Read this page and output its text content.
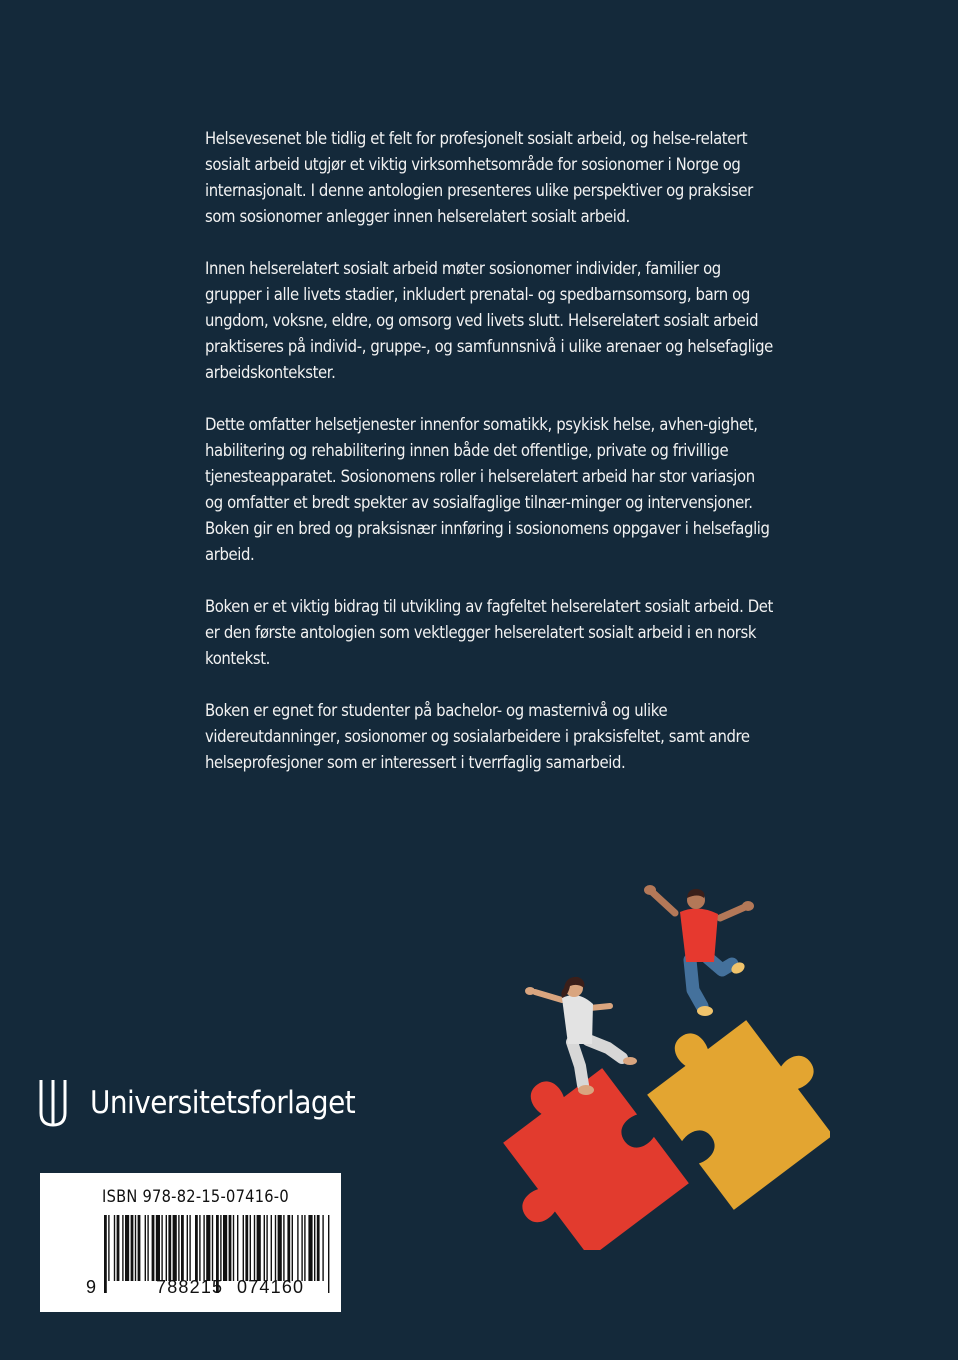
Helsevesenet ble tidlig et felt for profesjonelt sosialt arbeid, og helse-relatert sosialt arbeid utgjør et viktig virksomhetsområde for sosionomer i Norge og internasjonalt. I denne antologien presenteres ulike perspektiver og praksiser som sosionomer anlegger innen helserelatert sosialt arbeid.

Innen helserelatert sosialt arbeid møter sosionomer individer, familier og grupper i alle livets stadier, inkludert prenatal- og spedbarnsomsorg, barn og ungdom, voksne, eldre, og omsorg ved livets slutt. Helserelatert sosialt arbeid praktiseres på individ-, gruppe-, og samfunnsnivå i ulike arenaer og helsefaglige arbeidskontekster.

Dette omfatter helsetjenester innenfor somatikk, psykisk helse, avhen-gighet, habilitering og rehabilitering innen både det offentlige, private og frivillige tjenesteapparatet. Sosionomens roller i helserelatert arbeid har stor variasjon og omfatter et bredt spekter av sosialfaglige tilnær-minger og intervensjoner. Boken gir en bred og praksisnær innføring i sosionomens oppgaver i helsefaglig arbeid.

Boken er et viktig bidrag til utvikling av fagfeltet helserelatert sosialt arbeid. Det er den første antologien som vektlegger helserelatert sosialt arbeid i en norsk kontekst.

Boken er egnet for studenter på bachelor- og masternivå og ulike videreutdanninger, sosionomer og sosialarbeidere i praksisfeltet, samt andre helseprofesjoner som er interessert i tverrfaglig samarbeid.

Universitetsforlaget
ISBN 978-82-15-07416-0
9	788215 074160
